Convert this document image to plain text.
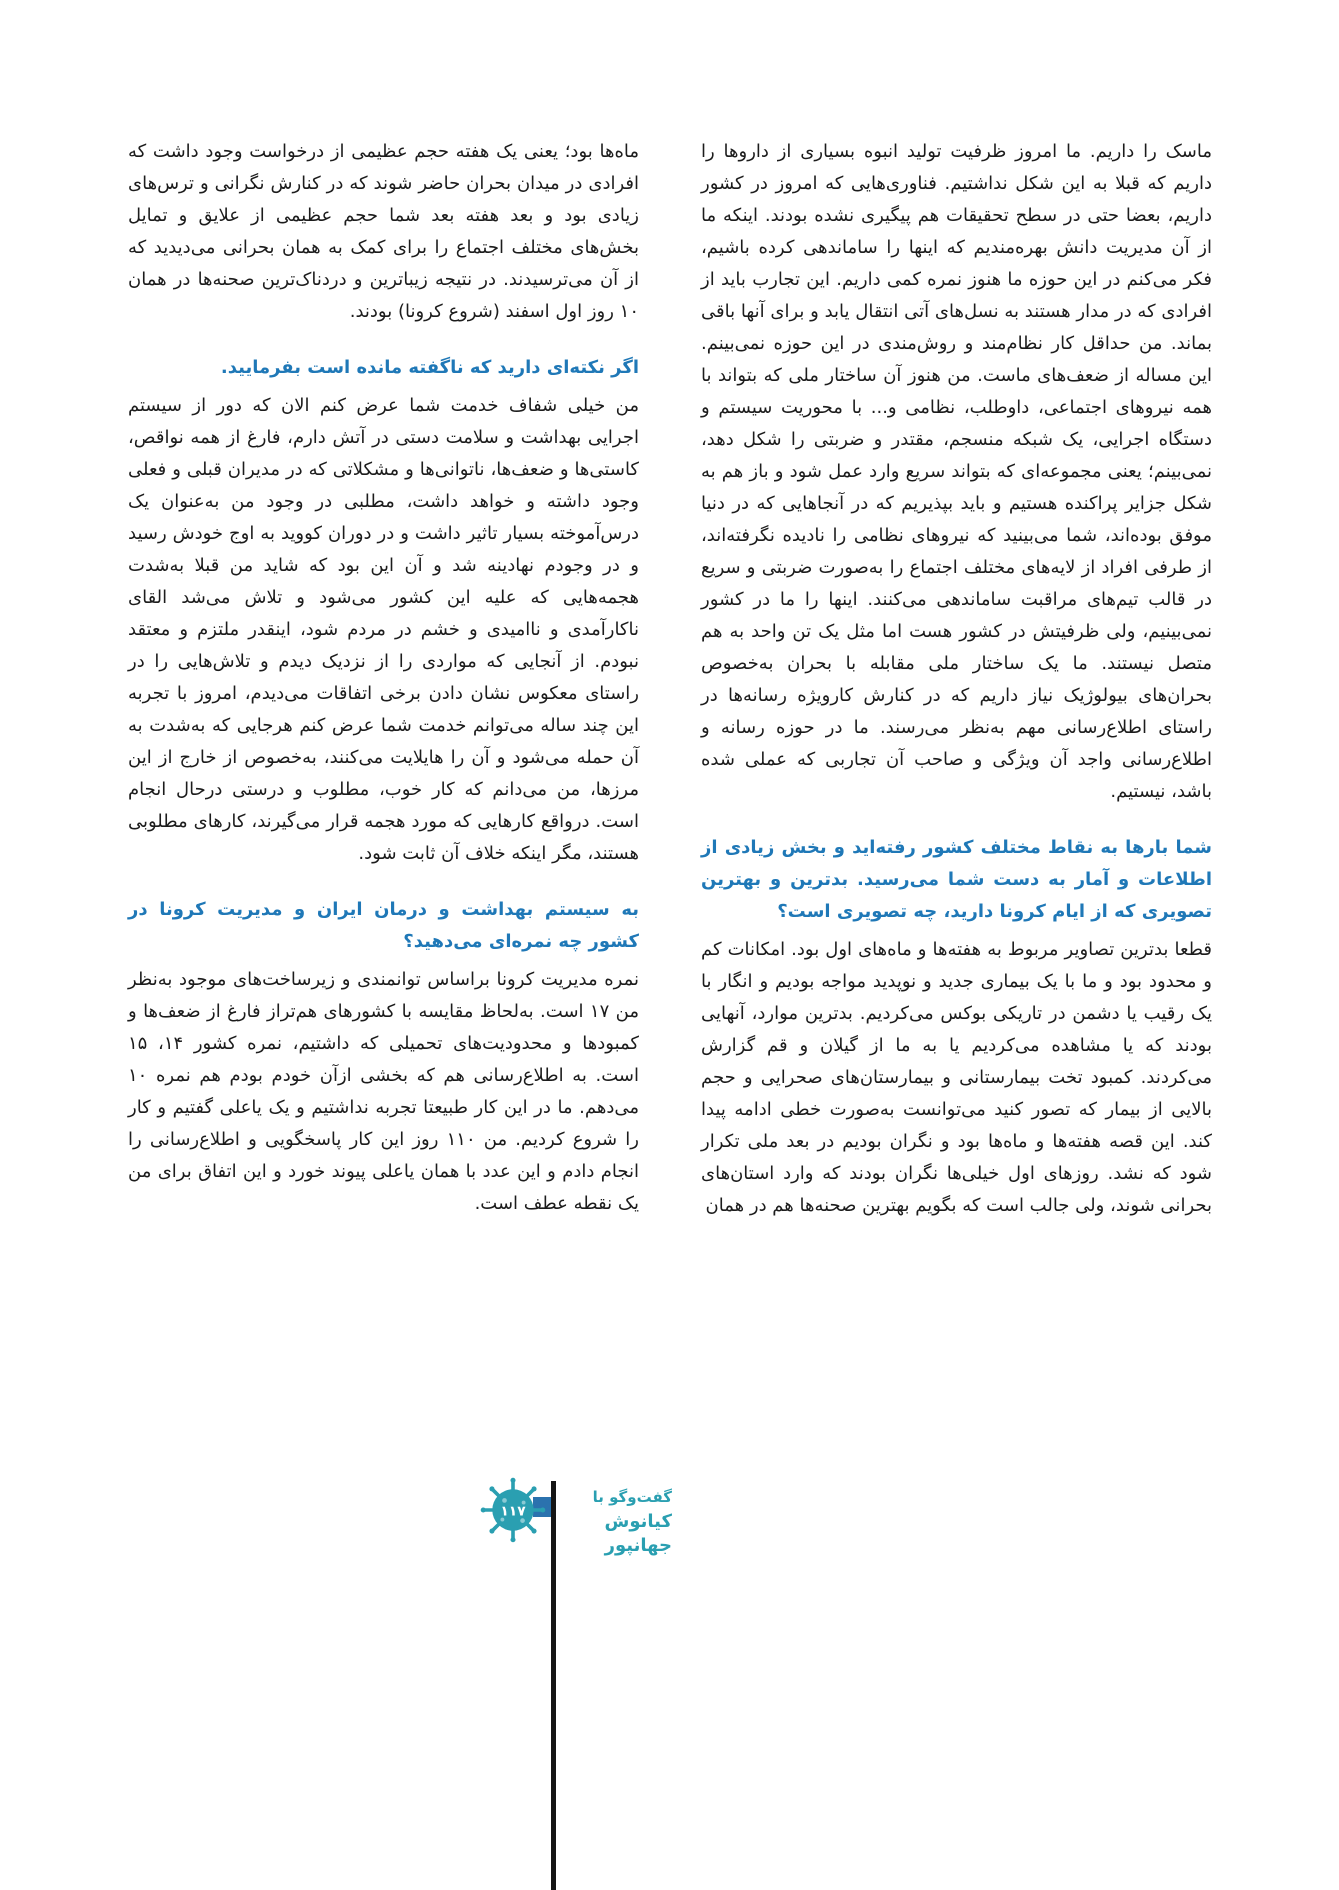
ماسک را داریم. ما امروز ظرفیت تولید انبوه بسیاری از داروها را داریم که قبلا به این شکل نداشتیم. فناوری‌هایی که امروز در کشور داریم، بعضا حتی در سطح تحقیقات هم پیگیری نشده بودند. اینکه ما از آن مدیریت دانش بهره‌مندیم که اینها را ساماندهی کرده باشیم، فکر می‌کنم در این حوزه ما هنوز نمره کمی داریم. این تجارب باید از افرادی که در مدار هستند به نسل‌های آتی انتقال یابد و برای آنها باقی بماند. من حداقل کار نظام‌مند و روش‌مندی در این حوزه نمی‌بینم. این مساله از ضعف‌های ماست. من هنوز آن ساختار ملی که بتواند با همه نیروهای اجتماعی، داوطلب، نظامی و... با محوریت سیستم و دستگاه اجرایی، یک شبکه منسجم، مقتدر و ضربتی را شکل دهد، نمی‌بینم؛ یعنی مجموعه‌ای که بتواند سریع وارد عمل شود و باز هم به شکل جزایر پراکنده هستیم و باید بپذیریم که در آنجاهایی که در دنیا موفق بوده‌اند، شما می‌بینید که نیروهای نظامی را نادیده نگرفته‌اند، از طرفی افراد از لایه‌های مختلف اجتماع را به‌صورت ضربتی و سریع در قالب تیم‌های مراقبت ساماندهی می‌کنند. اینها را ما در کشور نمی‌بینیم، ولی ظرفیتش در کشور هست اما مثل یک تن واحد به هم متصل نیستند. ما یک ساختار ملی مقابله با بحران به‌خصوص بحران‌های بیولوژیک نیاز داریم که در کنارش کارویژه رسانه‌ها در راستای اطلاع‌رسانی مهم به‌نظر می‌رسند. ما در حوزه رسانه و اطلاع‌رسانی واجد آن ویژگی و صاحب آن تجاربی که عملی شده باشد، نیستیم.

شما بارها به نقاط مختلف کشور رفته‌اید و بخش زیادی از اطلاعات و آمار به دست شما می‌رسید. بدترین و بهترین تصویری که از ایام کرونا دارید، چه تصویری است؟

قطعا بدترین تصاویر مربوط به هفته‌ها و ماه‌های اول بود. امکانات کم و محدود بود و ما با یک بیماری جدید و نوپدید مواجه بودیم و انگار با یک رقیب یا دشمن در تاریکی بوکس می‌کردیم. بدترین موارد، آنهایی بودند که یا مشاهده می‌کردیم یا به ما از گیلان و قم گزارش می‌کردند. کمبود تخت بیمارستانی و بیمارستان‌های صحرایی و حجم بالایی از بیمار که تصور کنید می‌توانست به‌صورت خطی ادامه پیدا کند. این قصه هفته‌ها و ماه‌ها بود و نگران بودیم در بعد ملی تکرار شود که نشد. روزهای اول خیلی‌ها نگران بودند که وارد استان‌های بحرانی شوند، ولی جالب است که بگویم بهترین صحنه‌ها هم در همان

ماه‌ها بود؛ یعنی یک هفته حجم عظیمی از درخواست وجود داشت که افرادی در میدان بحران حاضر شوند که در کنارش نگرانی و ترس‌های زیادی بود و بعد هفته بعد شما حجم عظیمی از علایق و تمایل بخش‌های مختلف اجتماع را برای کمک به همان بحرانی می‌دیدید که از آن می‌ترسیدند. در نتیجه زیباترین و دردناک‌ترین صحنه‌ها در همان ۱۰ روز اول اسفند (شروع کرونا) بودند.

اگر نکته‌ای دارید که ناگفته مانده است بفرمایید.

من خیلی شفاف خدمت شما عرض کنم الان که دور از سیستم اجرایی بهداشت و سلامت دستی در آتش دارم، فارغ از همه نواقص، کاستی‌ها و ضعف‌ها، ناتوانی‌ها و مشکلاتی که در مدیران قبلی و فعلی وجود داشته و خواهد داشت، مطلبی در وجود من به‌عنوان یک درس‌آموخته بسیار تاثیر داشت و در دوران کووید به اوج خودش رسید و در وجودم نهادینه شد و آن این بود که شاید من قبلا به‌شدت هجمه‌هایی که علیه این کشور می‌شود و تلاش می‌شد القای ناکارآمدی و ناامیدی و خشم در مردم شود، اینقدر ملتزم و معتقد نبودم. از آنجایی که مواردی را از نزدیک دیدم و تلاش‌هایی را در راستای معکوس نشان دادن برخی اتفاقات می‌دیدم، امروز با تجربه این چند ساله می‌توانم خدمت شما عرض کنم هرجایی که به‌شدت به آن حمله می‌شود و آن را هایلایت می‌کنند، به‌خصوص از خارج از این مرزها، من می‌دانم که کار خوب، مطلوب و درستی درحال انجام است. درواقع کارهایی که مورد هجمه قرار می‌گیرند، کارهای مطلوبی هستند، مگر اینکه خلاف آن ثابت شود.

به سیستم بهداشت و درمان ایران و مدیریت کرونا در کشور چه نمره‌ای می‌دهید؟

نمره مدیریت کرونا براساس توانمندی و زیرساخت‌های موجود به‌نظر من ۱۷ است. به‌لحاظ مقایسه با کشورهای هم‌تراز فارغ از ضعف‌ها و کمبودها و محدودیت‌های تحمیلی که داشتیم، نمره کشور ۱۴، ۱۵ است. به اطلاع‌رسانی هم که بخشی ازآن خودم بودم هم نمره ۱۰ می‌دهم. ما در این کار طبیعتا تجربه نداشتیم و یک یاعلی گفتیم و کار را شروع کردیم. من ۱۱۰ روز این کار پاسخگویی و اطلاع‌رسانی را انجام دادم و این عدد با همان یاعلی پیوند خورد و این اتفاق برای من یک نقطه عطف است.

۱۱۷
گفت‌وگو با
کیانوش جهانپور
